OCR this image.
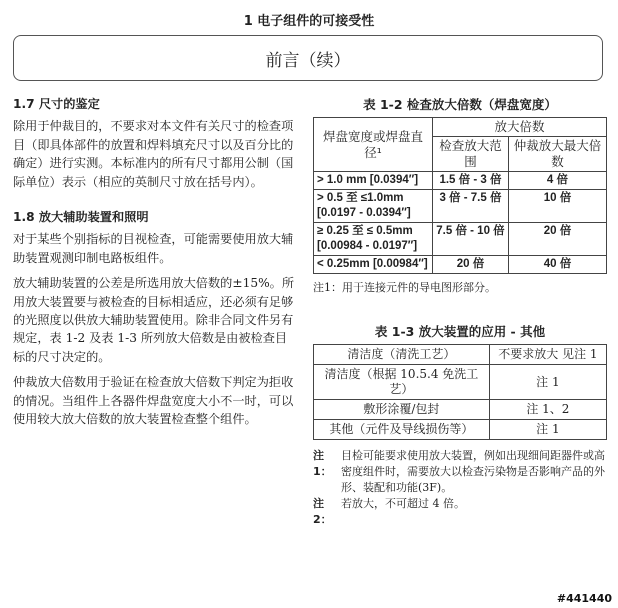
1 电子组件的可接受性
前言（续）
1.7 尺寸的鉴定

除用于仲裁目的，不要求对本文件有关尺寸的检查项目（即具体部件的放置和焊料填充尺寸以及百分比的确定）进行实测。本标准内的所有尺寸都用公制（国际单位）表示（相应的英制尺寸放在括号内）。

1.8 放大辅助装置和照明

对于某些个别指标的目视检查，可能需要使用放大辅助装置观测印制电路板组件。

放大辅助装置的公差是所选用放大倍数的±15%。所用放大装置要与被检查的目标相适应，还必须有足够的光照度以供放大辅助装置使用。除非合同文件另有规定，表 1-2 及表 1-3 所列放大倍数是由被检查目标的尺寸决定的。

仲裁放大倍数用于验证在检查放大倍数下判定为拒收的情况。当组件上各器件焊盘宽度大小不一时，可以使用较大放大倍数的放大装置检查整个组件。

表 1-2 检查放大倍数（焊盘宽度）
焊盘宽度或焊盘直径¹	放大倍数	
	检查放大范围	仲裁放大最大倍数
> 1.0 mm [0.0394″]	1.5 倍 - 3 倍	4 倍
> 0.5 至 ≤1.0mm [0.0197 - 0.0394″]	3 倍 - 7.5 倍	10 倍
≥ 0.25 至 ≤ 0.5mm [0.00984 - 0.0197″]	7.5 倍 - 10 倍	20 倍
< 0.25mm [0.00984″]	20 倍	40 倍
注1：用于连接元件的导电图形部分。
表 1-3 放大装置的应用 - 其他
清洁度（清洗工艺）	不要求放大 见注 1
清洁度（根据 10.5.4 免洗工艺）	注 1
敷形涂覆/包封	注 1、2
其他（元件及导线损伤等）	注 1
注1：
目检可能要求使用放大装置，例如出现细间距器件或高密度组件时，需要放大以检查污染物是否影响产品的外形、装配和功能(3F)。
注 2：
若放大，不可超过 4 倍。
#441440
